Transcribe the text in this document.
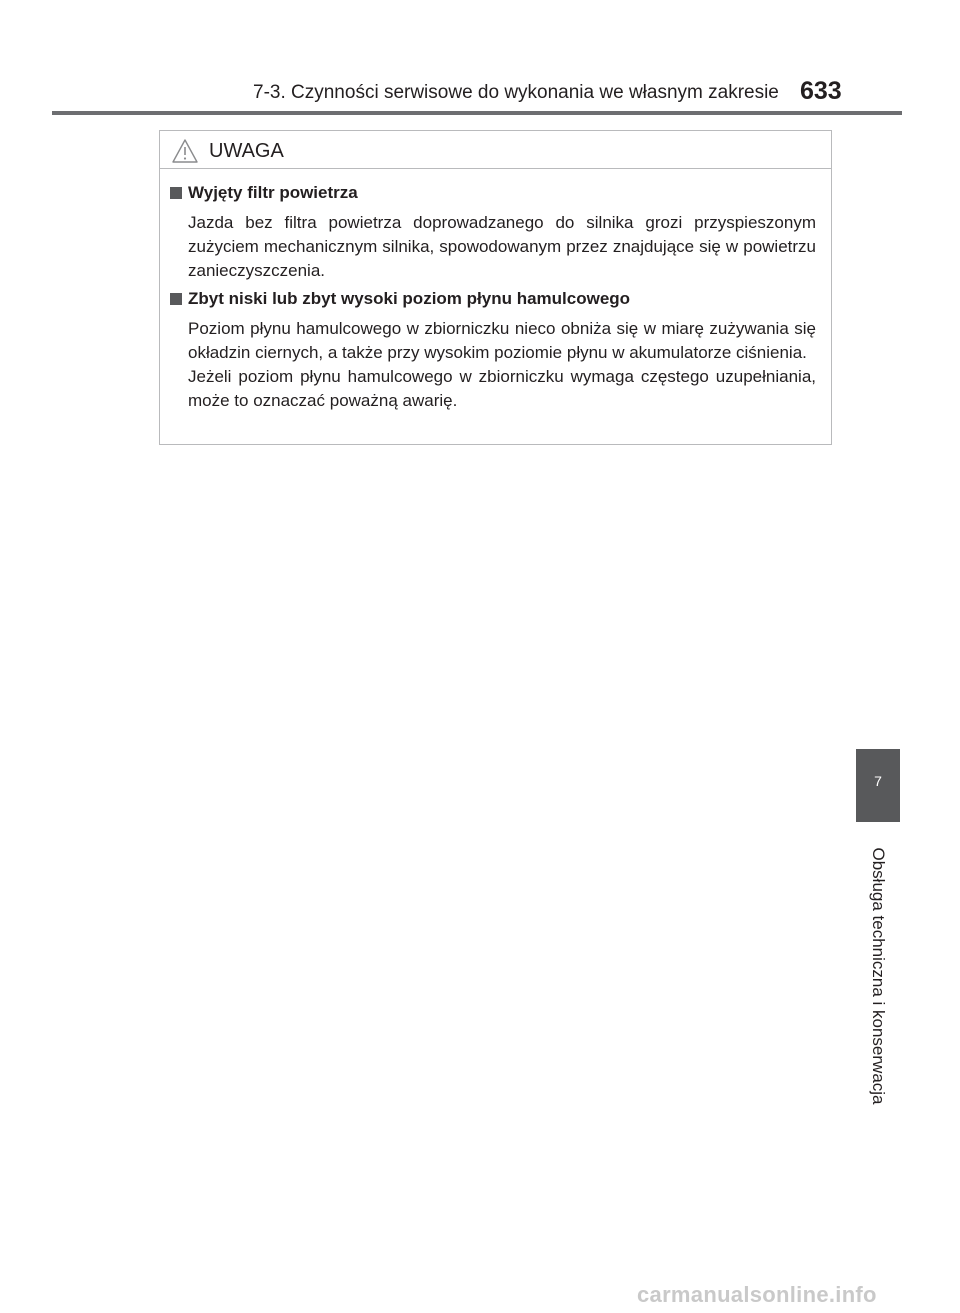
7-3. Czynności serwisowe do wykonania we własnym zakresie 633
UWAGA
Wyjęty filtr powietrza

Jazda bez filtra powietrza doprowadzanego do silnika grozi przyspieszonym zużyciem mechanicznym silnika, spowodowanym przez znajdujące się w powietrzu zanieczyszczenia.

Zbyt niski lub zbyt wysoki poziom płynu hamulcowego

Poziom płynu hamulcowego w zbiorniczku nieco obniża się w miarę zużywania się okładzin ciernych, a także przy wysokim poziomie płynu w akumulatorze ciśnienia.

Jeżeli poziom płynu hamulcowego w zbiorniczku wymaga częstego uzupełniania, może to oznaczać poważną awarię.

7
Obsługa techniczna i konserwacja
carmanualsonline.info
